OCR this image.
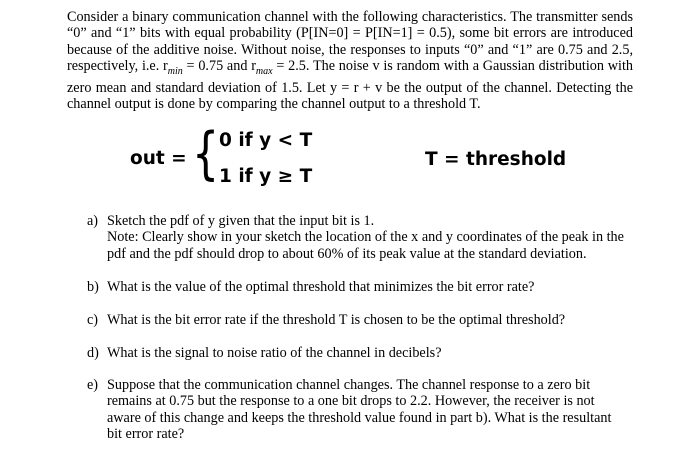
Consider a binary communication channel with the following characteristics. The transmitter sends “0” and “1” bits with equal probability (P[IN=0] = P[IN=1] = 0.5), some bit errors are introduced because of the additive noise. Without noise, the responses to inputs “0” and “1” are 0.75 and 2.5, respectively, i.e. $r_{min} = 0.75$ and $r_{max} = 2.5$. The noise v is random with a Gaussian distribution with zero mean and standard deviation of 1.5. Let y = r + v be the output of the channel. Detecting the channel output is done by comparing the channel output to a threshold T.
out = { 0 if y < T
1 if y ≥ T
T = threshold
a) Sketch the pdf of y given that the input bit is 1.
Note: Clearly show in your sketch the location of the x and y coordinates of the peak in the pdf and the pdf should drop to about 60% of its peak value at the standard deviation.
b) What is the value of the optimal threshold that minimizes the bit error rate?
c) What is the bit error rate if the threshold T is chosen to be the optimal threshold?
d) What is the signal to noise ratio of the channel in decibels?
e) Suppose that the communication channel changes. The channel response to a zero bit remains at 0.75 but the response to a one bit drops to 2.2. However, the receiver is not aware of this change and keeps the threshold value found in part b). What is the resultant bit error rate?
